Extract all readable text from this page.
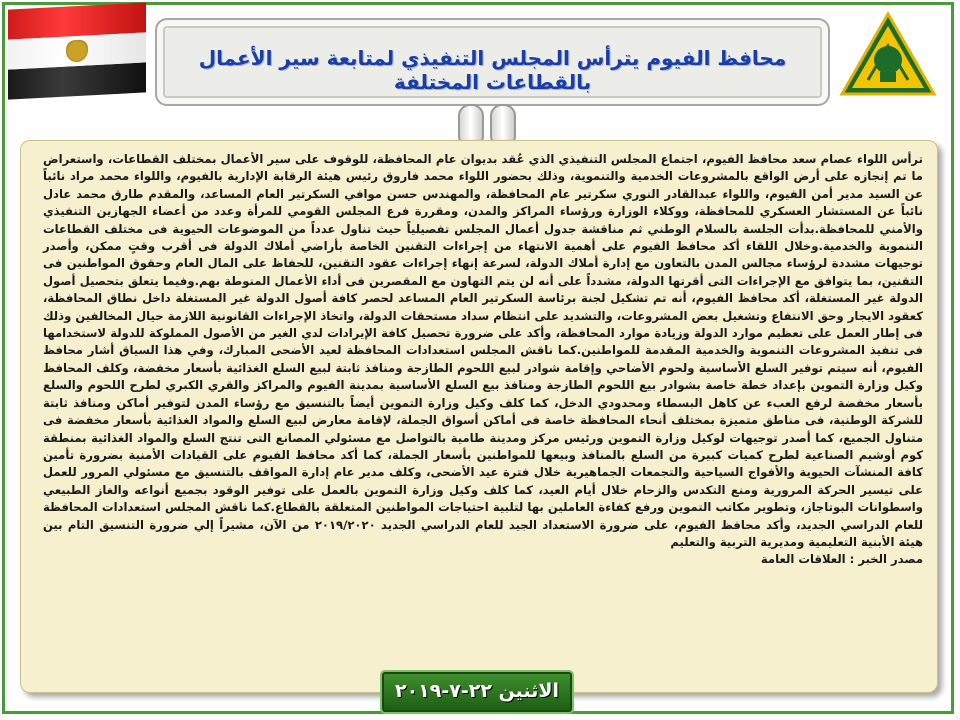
محافظ الفيوم يترأس المجلس التنفيذي لمتابعة سير الأعمال بالقطاعات المختلفة

ترأس اللواء عصام سعد محافظ الفيوم، اجتماع المجلس التنفيذي الذي عُقد بديوان عام المحافظة، للوقوف على سير الأعمال بمختلف القطاعات، واستعراض ما تم إنجازه على أرض الواقع بالمشروعات الخدمية والتنموية، وذلك بحضور اللواء محمد فاروق رئيس هيئة الرقابة الإدارية بالفيوم، واللواء محمد مراد نائباً عن السيد مدير أمن الفيوم، واللواء عبدالقادر النوري سكرتير عام المحافظة، والمهندس حسن موافي السكرتير العام المساعد، والمقدم طارق محمد عادل نائباً عن المستشار العسكري للمحافظة، ووكلاء الوزارة ورؤساء المراكز والمدن، ومقررة فرع المجلس القومي للمرأة وعدد من أعضاء الجهازين التنفيذي والأمني للمحافظة.بدأت الجلسة بالسلام الوطني ثم مناقشة جدول أعمال المجلس تفصيلياً حيث تناول عدداً من الموضوعات الحيوية فى مختلف القطاعات التنموية والخدمية.وخلال اللقاء أكد محافظ الفيوم على أهمية الانتهاء من إجراءات التقنين الخاصة بأراضي أملاك الدولة فى أقرب وقتٍ ممكن، وأصدر توجيهات مشددة لرؤساء مجالس المدن بالتعاون مع إدارة أملاك الدولة، لسرعة إنهاء إجراءات عقود التقنين، للحفاظ على المال العام وحقوق المواطنين فى التقنين، بما يتوافق مع الإجراءات التى أقرتها الدولة، مشدداً على أنه لن يتم التهاون مع المقصرين فى أداء الأعمال المنوطة بهم.وفيما يتعلق بتحصيل أصول الدولة غير المستغلة، أكد محافظ الفيوم، أنه تم تشكيل لجنة برئاسة السكرتير العام المساعد لحصر كافة أصول الدولة غير المستغلة داخل نطاق المحافظة، كعقود الايجار وحق الانتفاع وتشغيل بعض المشروعات، والتشديد على انتظام سداد مستحقات الدولة، واتخاذ الإجراءات القانونية اللازمة حيال المخالفين وذلك فى إطار العمل على تعظيم موارد الدولة وزيادة موارد المحافظة، وأكد على ضرورة تحصيل كافة الإيرادات لدي الغير من الأصول المملوكة للدولة لاستخدامها فى تنفيذ المشروعات التنموية والخدمية المقدمة للمواطنين.كما ناقش المجلس استعدادات المحافظة لعيد الأضحى المبارك، وفي هذا السياق أشار محافظ الفيوم، أنه سيتم توفير السلع الأساسية ولحوم الأضاحي وإقامة شوادر لبيع اللحوم الطازجة ومنافذ ثابتة لبيع السلع الغذائية بأسعار مخفضة، وكلف المحافظ وكيل وزارة التموين بإعداد خطة خاصة بشوادر بيع اللحوم الطازجة ومنافذ بيع السلع الأساسية بمدينة الفيوم والمراكز والقري الكبري لطرح اللحوم والسلع بأسعار مخفضة لرفع العبء عن كاهل البسطاء ومحدودي الدخل، كما كلف وكيل وزارة التموين أيضاً بالتنسيق مع رؤساء المدن لتوفير أماكن ومنافذ ثابتة للشركة الوطنية، فى مناطق متميزة بمختلف أنحاء المحافظة خاصة فى أماكن أسواق الجملة، لإقامة معارض لبيع السلع والمواد الغذائية بأسعار مخفضة فى متناول الجميع، كما أصدر توجيهات لوكيل وزارة التموين ورئيس مركز ومدينة طامية بالتواصل مع مسئولي المصانع التى تنتج السلع والمواد الغذائية بمنطقة كوم أوشيم الصناعية لطرح كميات كبيرة من السلع بالمنافذ وبيعها للمواطنين بأسعار الجملة، كما أكد محافظ الفيوم على القيادات الأمنية بضرورة تأمين كافة المنشآت الحيوية والأفواج السياحية والتجمعات الجماهيرية خلال فترة عيد الأضحى، وكلف مدير عام إدارة المواقف بالتنسيق مع مسئولي المرور للعمل على تيسير الحركة المرورية ومنع التكدس والزحام خلال أيام العيد، كما كلف وكيل وزارة التموين بالعمل على توفير الوقود بجميع أنواعه والغاز الطبيعي واسطوانات البوتاجاز، وتطوير مكاتب التموين ورفع كفاءة العاملين بها لتلبية احتياجات المواطنين المتعلقة بالقطاع.كما ناقش المجلس استعدادات المحافظة للعام الدراسي الجديد، وأكد محافظ الفيوم، على ضرورة الاستعداد الجيد للعام الدراسي الجديد ٢٠١٩/٢٠٢٠ من الآن، مشيراً إلي ضرورة التنسيق التام بين هيئة الأبنية التعليمية ومديرية التربية والتعليم

مصدر الخبر : العلاقات العامة

الاثنين ٢٢-٧-٢٠١٩
